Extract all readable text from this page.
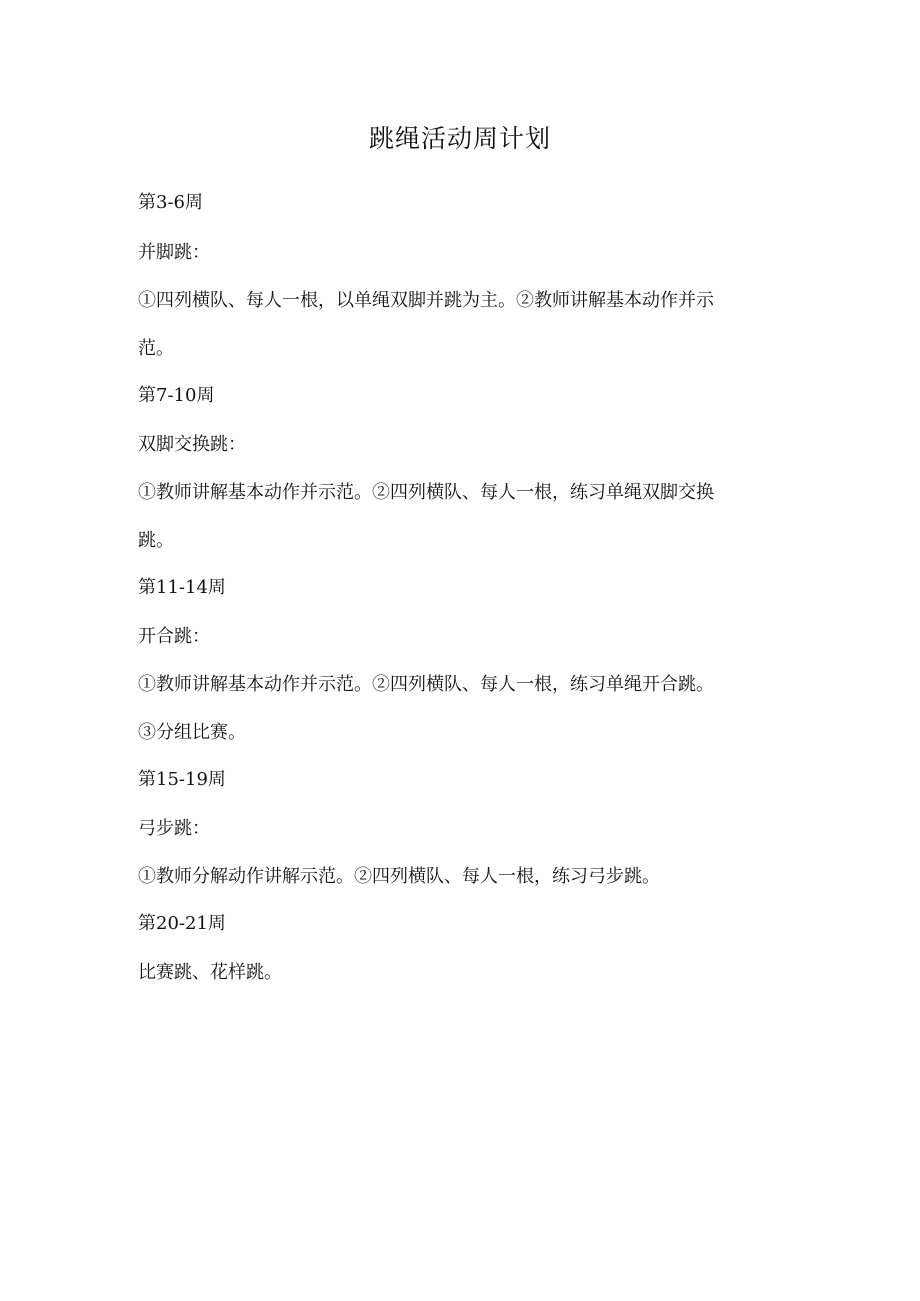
跳绳活动周计划
第3-6周
并脚跳：
①四列横队、每人一根，以单绳双脚并跳为主。②教师讲解基本动作并示
范。
第7-10周
双脚交换跳：
①教师讲解基本动作并示范。②四列横队、每人一根，练习单绳双脚交换
跳。
第11-14周
开合跳：
①教师讲解基本动作并示范。②四列横队、每人一根，练习单绳开合跳。
③分组比赛。
第15-19周
弓步跳：
①教师分解动作讲解示范。②四列横队、每人一根，练习弓步跳。
第20-21周
比赛跳、花样跳。
